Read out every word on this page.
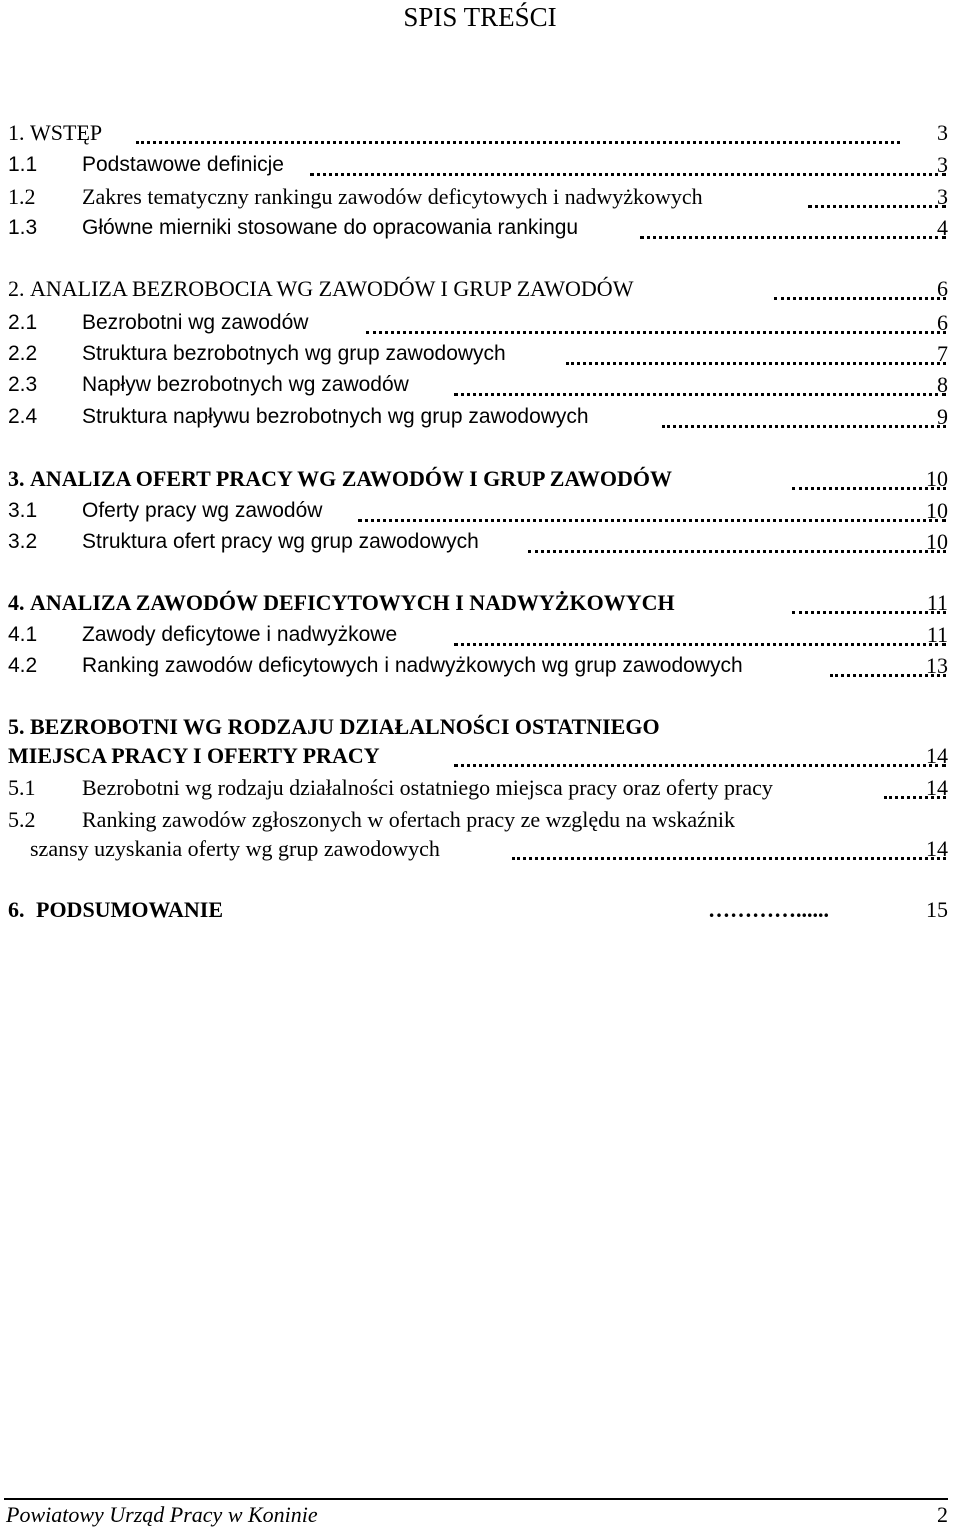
SPIS TREŚCI
1. WSTĘP	3
1.1 Podstawowe definicje	3
1.2 Zakres tematyczny rankingu zawodów deficytowych i nadwyżkowych	3
1.3 Główne mierniki stosowane do opracowania rankingu	4
2. ANALIZA BEZROBOCIA WG ZAWODÓW I GRUP ZAWODÓW	6
2.1 Bezrobotni wg zawodów	6
2.2 Struktura bezrobotnych wg grup zawodowych	7
2.3 Napływ bezrobotnych wg zawodów	8
2.4 Struktura napływu bezrobotnych wg grup zawodowych	9
3. ANALIZA OFERT PRACY WG ZAWODÓW I GRUP ZAWODÓW	10
3.1 Oferty pracy wg zawodów	10
3.2 Struktura ofert pracy wg grup zawodowych	10
4. ANALIZA ZAWODÓW DEFICYTOWYCH I NADWYŻKOWYCH	11
4.1 Zawody deficytowe i nadwyżkowe	11
4.2 Ranking zawodów deficytowych i nadwyżkowych wg grup zawodowych	13
5. BEZROBOTNI WG RODZAJU DZIAŁALNOŚCI OSTATNIEGO
MIEJSCA PRACY I OFERTY PRACY	14
5.1 Bezrobotni wg rodzaju działalności ostatniego miejsca pracy oraz oferty pracy	14
5.2 Ranking zawodów zgłoszonych w ofertach pracy ze względu na wskaźnik
szansy uzyskania oferty wg grup zawodowych	14
6. PODSUMOWANIE	…………......	15
Powiatowy Urząd Pracy w Koninie	2
